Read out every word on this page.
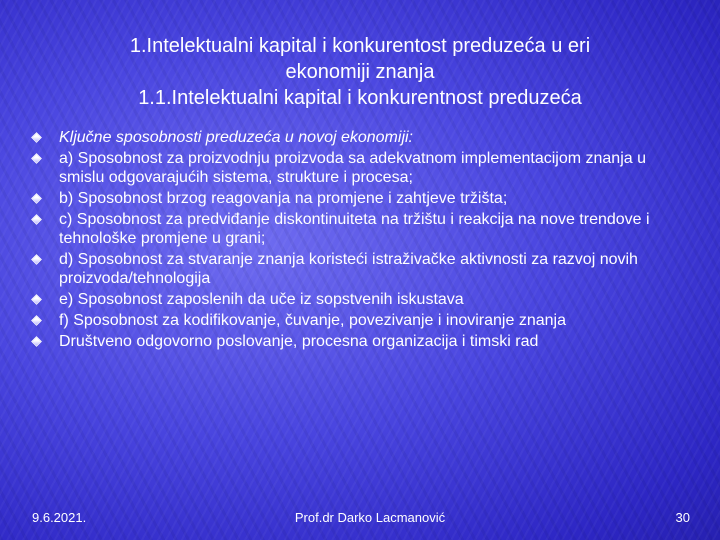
1.Intelektualni kapital i konkurentost preduzeća u eri
ekonomiji znanja
1.1.Intelektualni kapital i konkurentnost preduzeća
Ključne sposobnosti preduzeća u novoj ekonomiji:
a) Sposobnost za proizvodnju proizvoda sa adekvatnom implementacijom znanja u smislu odgovarajućih sistema, strukture i procesa;
b) Sposobnost brzog reagovanja na promjene i zahtjeve tržišta;
c) Sposobnost za predviđanje diskontinuiteta na tržištu i reakcija na nove trendove i tehnološke promjene u grani;
d) Sposobnost za stvaranje znanja koristeći istraživačke aktivnosti za razvoj novih proizvoda/tehnologija
e) Sposobnost zaposlenih da uče iz sopstvenih iskustava
f) Sposobnost za kodifikovanje, čuvanje, povezivanje i inoviranje znanja
Društveno odgovorno poslovanje, procesna organizacija i timski rad
9.6.2021.	Prof.dr Darko Lacmanović	30
